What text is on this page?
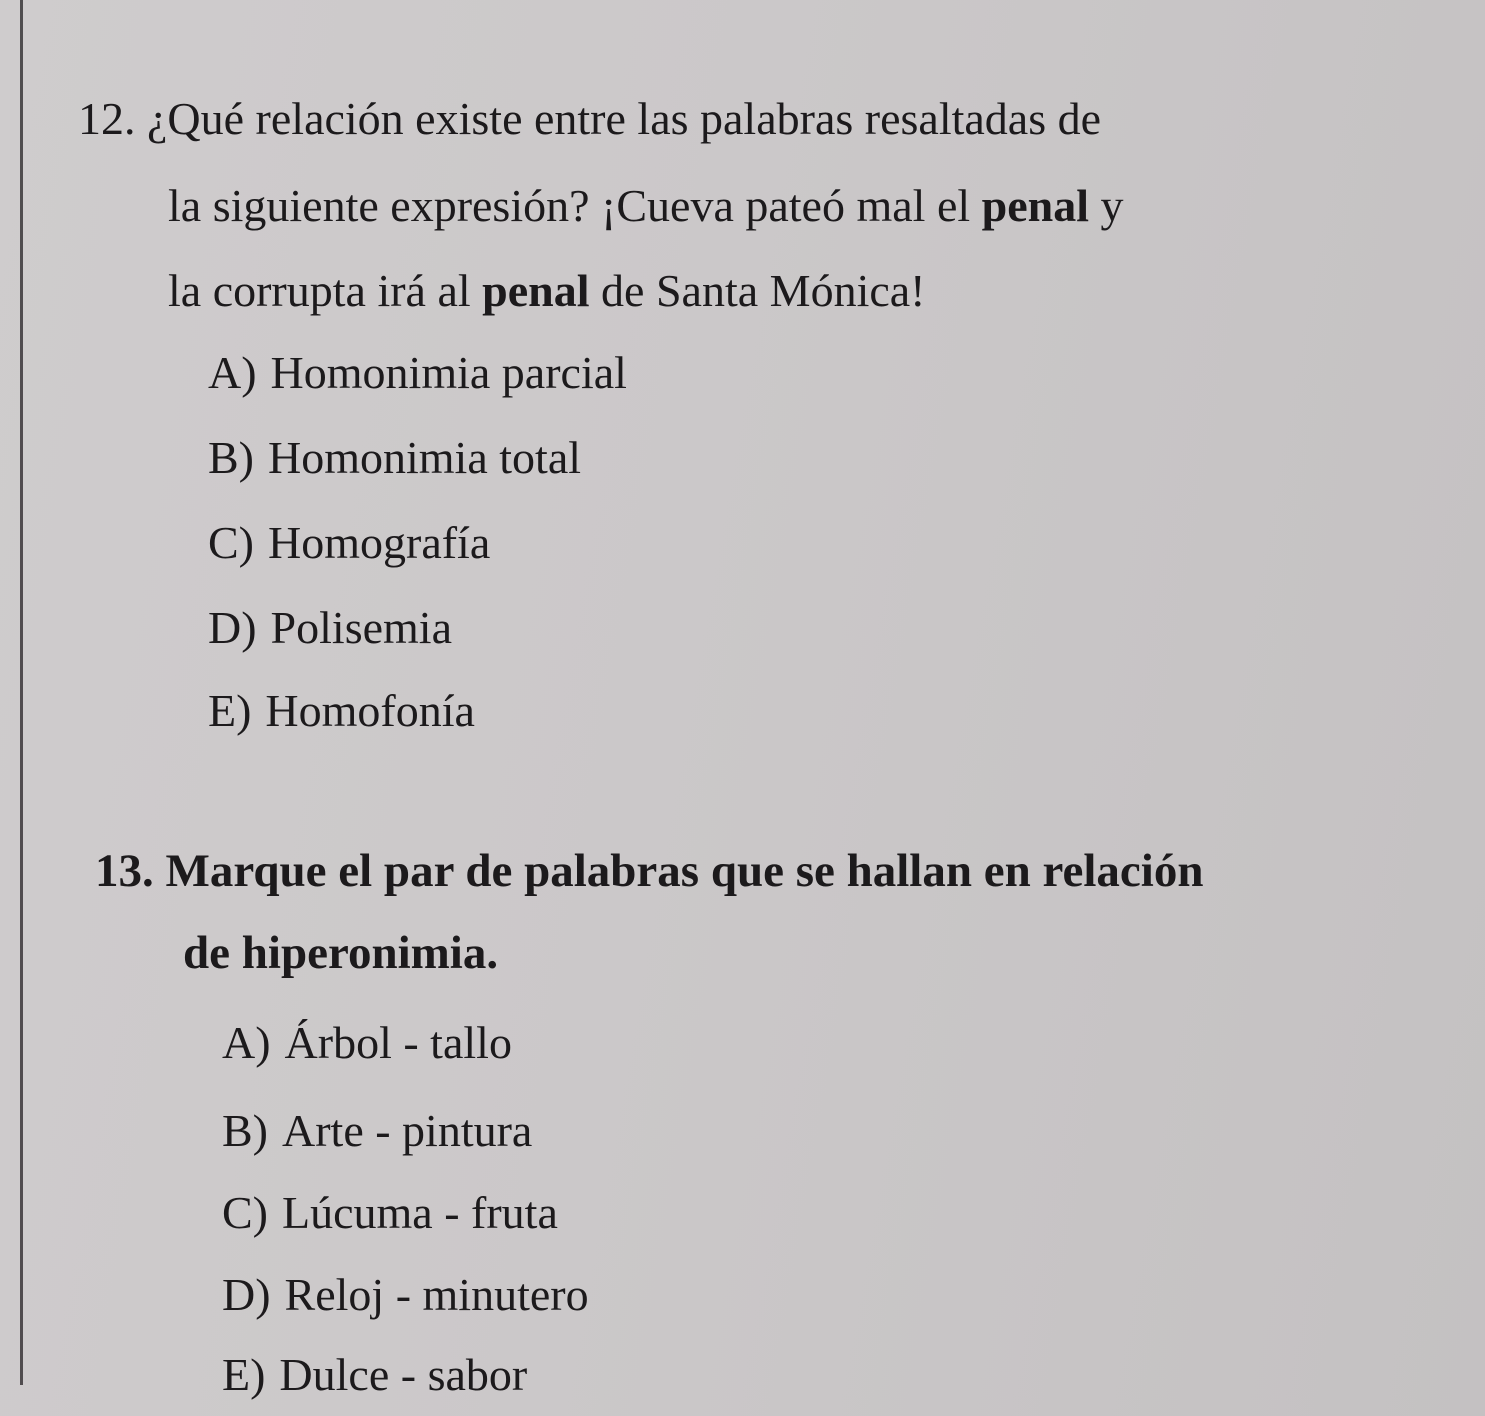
12. ¿Qué relación existe entre las palabras resaltadas de
la siguiente expresión? ¡Cueva pateó mal el penal y
la corrupta irá al penal de Santa Mónica!
A) Homonimia parcial
B) Homonimia total
C) Homografía
D) Polisemia
E) Homofonía
13. Marque el par de palabras que se hallan en relación
de hiperonimia.
A) Árbol - tallo
B) Arte - pintura
C) Lúcuma - fruta
D) Reloj - minutero
E) Dulce - sabor
